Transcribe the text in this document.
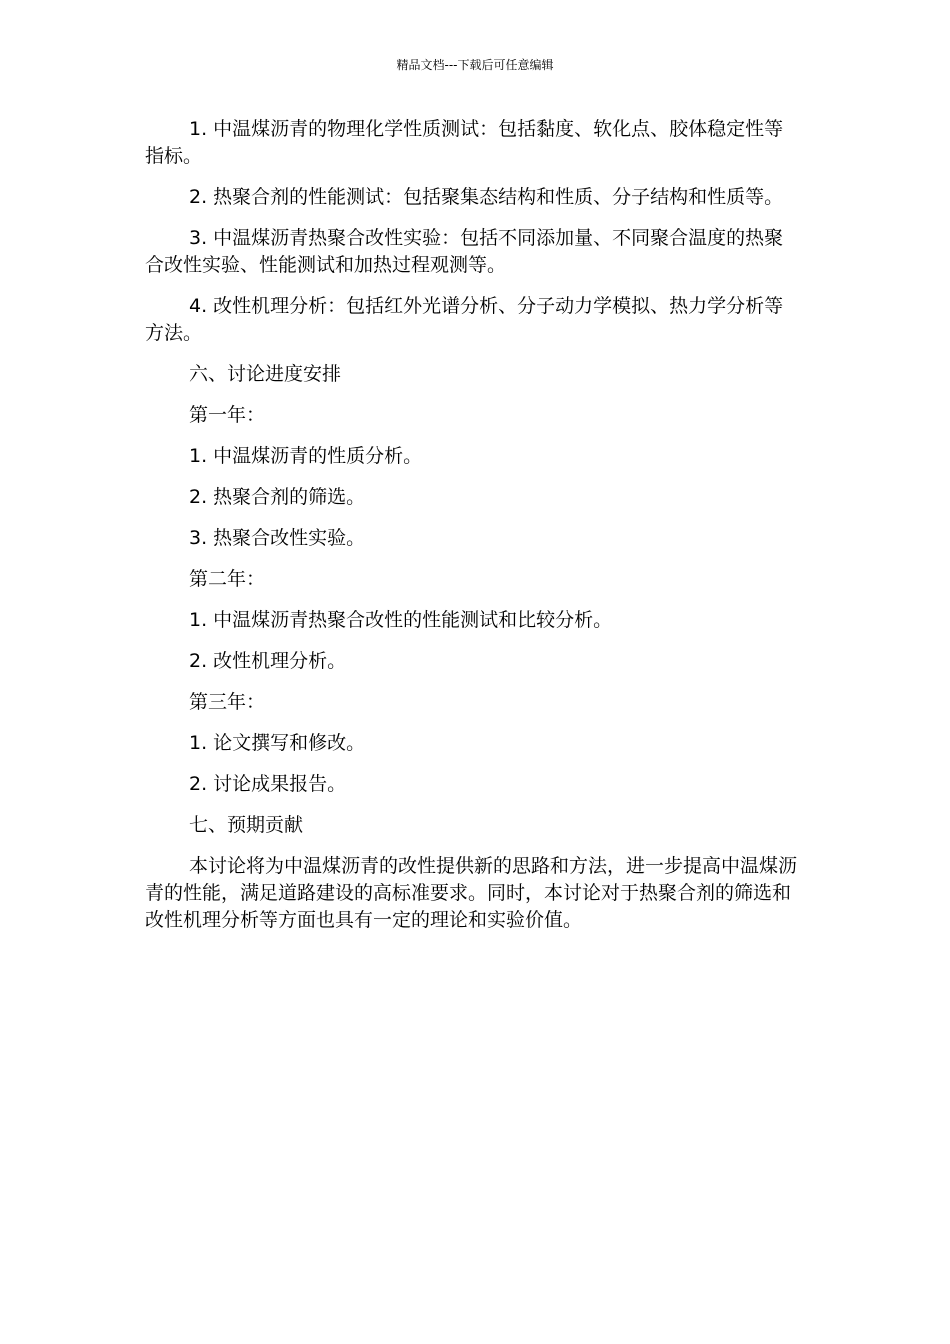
精品文档---下载后可任意编辑

1. 中温煤沥青的物理化学性质测试：包括黏度、软化点、胶体稳定性等指标。

2. 热聚合剂的性能测试：包括聚集态结构和性质、分子结构和性质等。

3. 中温煤沥青热聚合改性实验：包括不同添加量、不同聚合温度的热聚合改性实验、性能测试和加热过程观测等。

4. 改性机理分析：包括红外光谱分析、分子动力学模拟、热力学分析等方法。

六、讨论进度安排

第一年：

1. 中温煤沥青的性质分析。

2. 热聚合剂的筛选。

3. 热聚合改性实验。

第二年：

1. 中温煤沥青热聚合改性的性能测试和比较分析。

2. 改性机理分析。

第三年：

1. 论文撰写和修改。

2. 讨论成果报告。

七、预期贡献

本讨论将为中温煤沥青的改性提供新的思路和方法，进一步提高中温煤沥青的性能，满足道路建设的高标准要求。同时，本讨论对于热聚合剂的筛选和改性机理分析等方面也具有一定的理论和实验价值。
